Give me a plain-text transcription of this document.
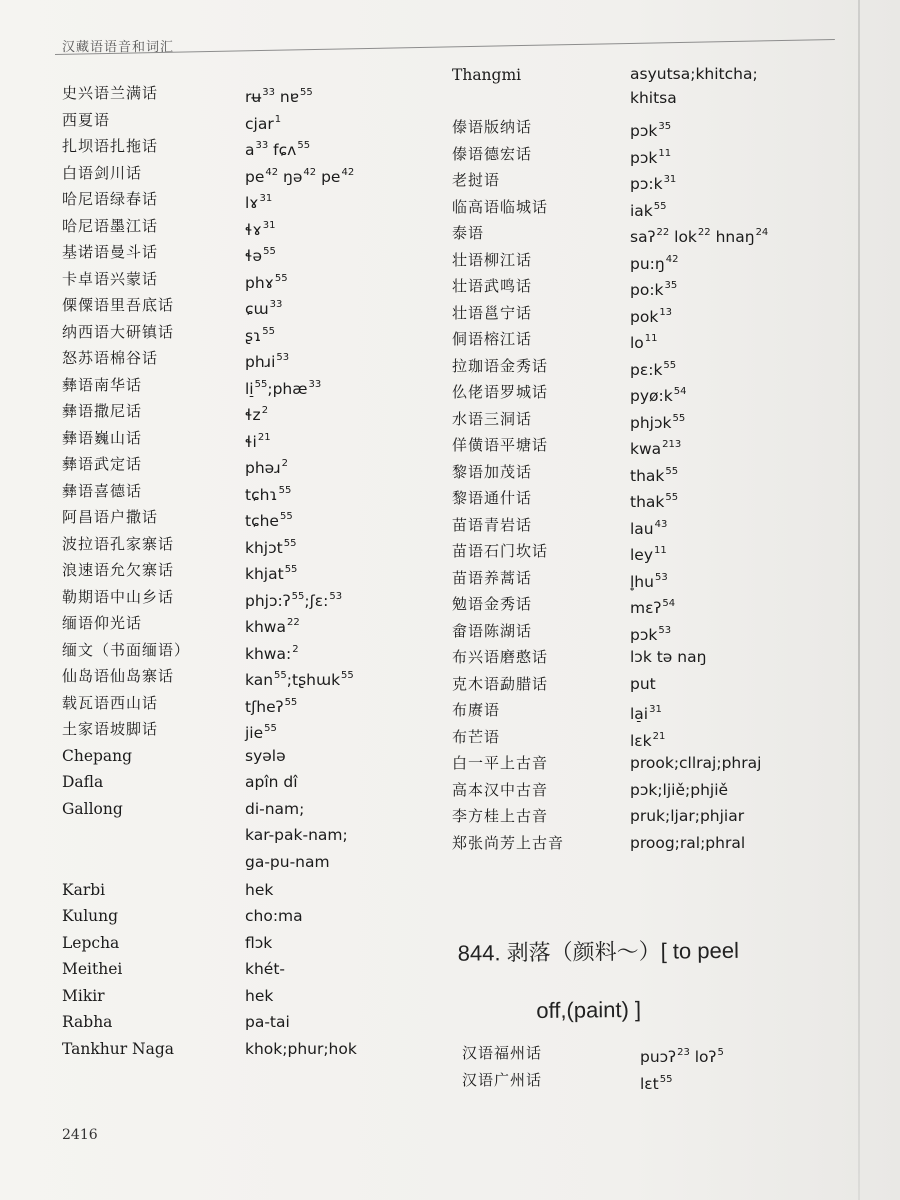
汉藏语语音和词汇
史兴语兰满话	rʉ$^{33}$ nɐ$^{55}$
西夏语	cjar$^1$
扎坝语扎拖话	$a^{33}$ fɕʌ$^{55}$
白语剑川话	$pe^{42}$ ŋə$^{42}$ $pe^{42}$
哈尼语绿春话	lɤ$^{31}$
哈尼语墨江话	ɬɤ$^{31}$
基诺语曼斗话	ɬə$^{55}$
卡卓语兴蒙话	phɤ$^{55}$
傈僳语里吾底话	ɕɯ$^{33}$
纳西语大研镇话	ʂɿ$^{55}$
怒苏语棉谷话	phɹi$^{53}$
彝语南华话	li̠$^{55}$;phæ$^{33}$
彝语撒尼话	ɬz$^2$
彝语巍山话	ɬi$^{21}$
彝语武定话	phəɹ$^2$
彝语喜德话	tɕhɿ$^{55}$
阿昌语户撒话	tɕhe$^{55}$
波拉语孔家寨话	khjɔt$^{55}$
浪速语允欠寨话	khjat$^{55}$
勒期语中山乡话	phjɔ:ʔ$^{55}$;ʃɛ:$^{53}$
缅语仰光话	khwa$^{22}$
缅文（书面缅语）	khwa:$^2$
仙岛语仙岛寨话	kan$^{55}$;tʂhɯk$^{55}$
载瓦语西山话	tʃheʔ$^{55}$
土家语坡脚话	jie$^{55}$
Chepang	syələ
Dafla	apîn dî
Gallong	di-nam;
kar-pak-nam;
ga-pu-nam
Karbi	hek
Kulung	cho:ma
Lepcha	flɔk
Meithei	khét-
Mikir	hek
Rabha	pa-tai
Tankhur Naga	khok;phur;hok
Thangmi	asyutsa;khitcha; khitsa
傣语版纳话	pɔk$^{35}$
傣语德宏话	pɔk$^{11}$
老挝语	$pɔ:k^{31}$
临高语临城话	iak$^{55}$
泰语	saʔ$^{22}$ lok$^{22}$ hnaŋ$^{24}$
壮语柳江话	$pu:ŋ^{42}$
壮语武鸣话	$po:k^{35}$
壮语邕宁话	pok$^{13}$
侗语榕江话	$lo^{11}$
拉珈语金秀话	$pɛ:k^{55}$
仫佬语罗城话	$pyø:k^{54}$
水语三洞话	phjɔk$^{55}$
佯僙语平塘话	kwa$^{213}$
黎语加茂话	thak$^{55}$
黎语通什话	thak$^{55}$
苗语青岩话	lau$^{43}$
苗语石门坎话	ley$^{11}$
苗语养蒿话	$l̥hu^{53}$
勉语金秀话	mɛʔ$^{54}$
畲语陈湖话	pɔk$^{53}$
布兴语磨憨话	lɔk tə naŋ
克木语勐腊话	put
布赓语	$la̠i^{31}$
布芒语	lɛk$^{21}$
白一平上古音	prook;cllraj;phraj
高本汉中古音	pɔk;ljiě;phjiě
李方桂上古音	pruk;ljar;phjiar
郑张尚芳上古音	proog;ral;phral
844. 剥落（颜料～）[ to peel
off,(paint) ]
汉语福州话	puɔʔ$^{23}$ loʔ$^5$
汉语广州话	lɛt$^{55}$
2416
